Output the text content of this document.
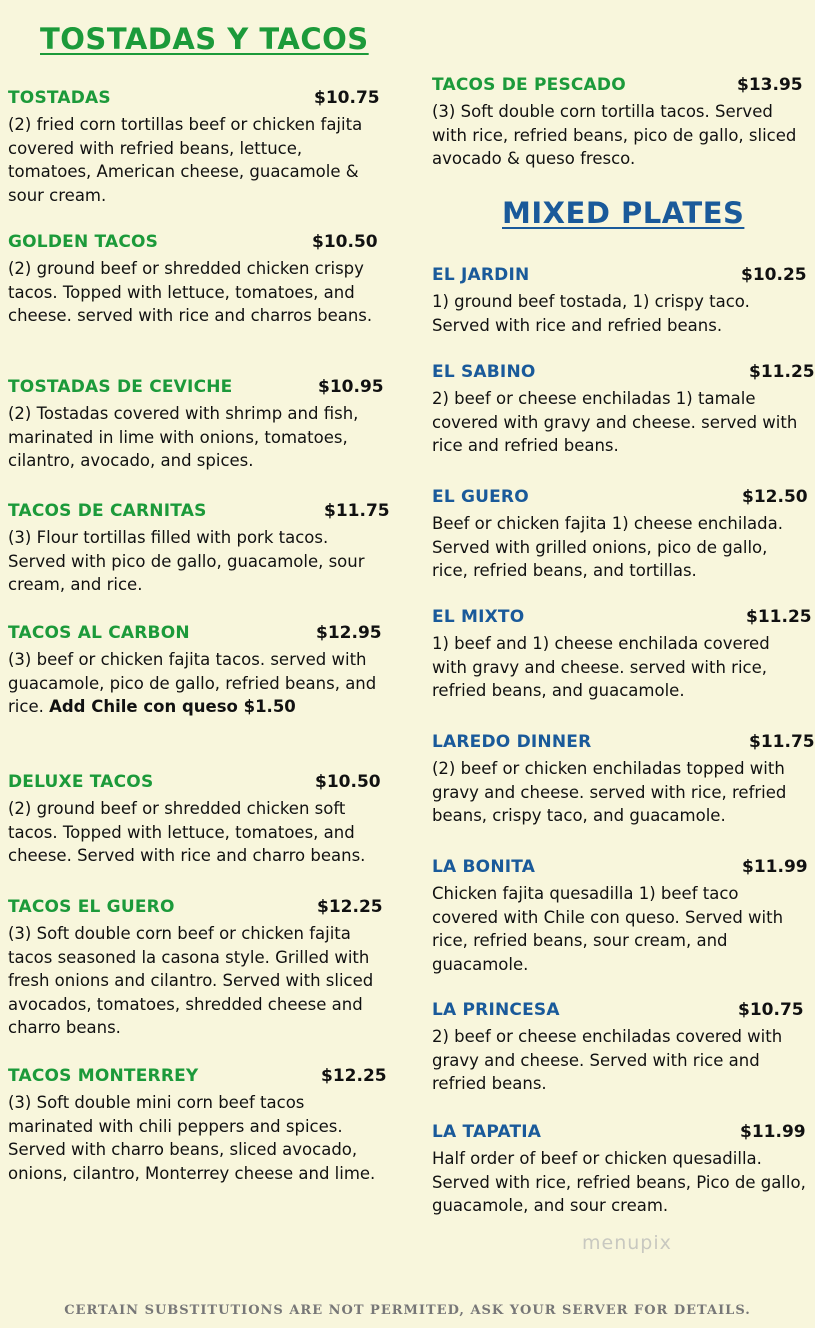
TOSTADAS Y TACOS
TOSTADAS	$10.75

(2) fried corn tortillas beef or chicken fajita covered with refried beans, lettuce, tomatoes, American cheese, guacamole & sour cream.

GOLDEN TACOS	$10.50

(2) ground beef or shredded chicken crispy tacos. Topped with lettuce, tomatoes, and cheese. served with rice and charros beans.

TOSTADAS DE CEVICHE	$10.95

(2) Tostadas covered with shrimp and fish, marinated in lime with onions, tomatoes, cilantro, avocado, and spices.

TACOS DE CARNITAS	$11.75

(3) Flour tortillas filled with pork tacos. Served with pico de gallo, guacamole, sour cream, and rice.

TACOS AL CARBON	$12.95

(3) beef or chicken fajita tacos. served with guacamole, pico de gallo, refried beans, and rice. Add Chile con queso $1.50

DELUXE TACOS	$10.50

(2) ground beef or shredded chicken soft tacos. Topped with lettuce, tomatoes, and cheese. Served with rice and charro beans.

TACOS EL GUERO	$12.25

(3) Soft double corn beef or chicken fajita tacos seasoned la casona style. Grilled with fresh onions and cilantro. Served with sliced avocados, tomatoes, shredded cheese and charro beans.

TACOS MONTERREY	$12.25

(3) Soft double mini corn beef tacos marinated with chili peppers and spices. Served with charro beans, sliced avocado, onions, cilantro, Monterrey cheese and lime.

TACOS DE PESCADO	$13.95

(3) Soft double corn tortilla tacos. Served with rice, refried beans, pico de gallo, sliced avocado & queso fresco.

MIXED PLATES
EL JARDIN	$10.25

1) ground beef tostada, 1) crispy taco. Served with rice and refried beans.

EL SABINO	$11.25

2) beef or cheese enchiladas 1) tamale covered with gravy and cheese. served with rice and refried beans.

EL GUERO	$12.50

Beef or chicken fajita 1) cheese enchilada. Served with grilled onions, pico de gallo, rice, refried beans, and tortillas.

EL MIXTO	$11.25

1) beef and 1) cheese enchilada covered with gravy and cheese. served with rice, refried beans, and guacamole.

LAREDO DINNER	$11.75

(2) beef or chicken enchiladas topped with gravy and cheese. served with rice, refried beans, crispy taco, and guacamole.

LA BONITA	$11.99

Chicken fajita quesadilla 1) beef taco covered with Chile con queso. Served with rice, refried beans, sour cream, and guacamole.

LA PRINCESA	$10.75

2) beef or cheese enchiladas covered with gravy and cheese. Served with rice and refried beans.

LA TAPATIA	$11.99

Half order of beef or chicken quesadilla. Served with rice, refried beans, Pico de gallo, guacamole, and sour cream.

menupix
CERTAIN SUBSTITUTIONS ARE NOT PERMITED, ASK YOUR SERVER FOR DETAILS.
